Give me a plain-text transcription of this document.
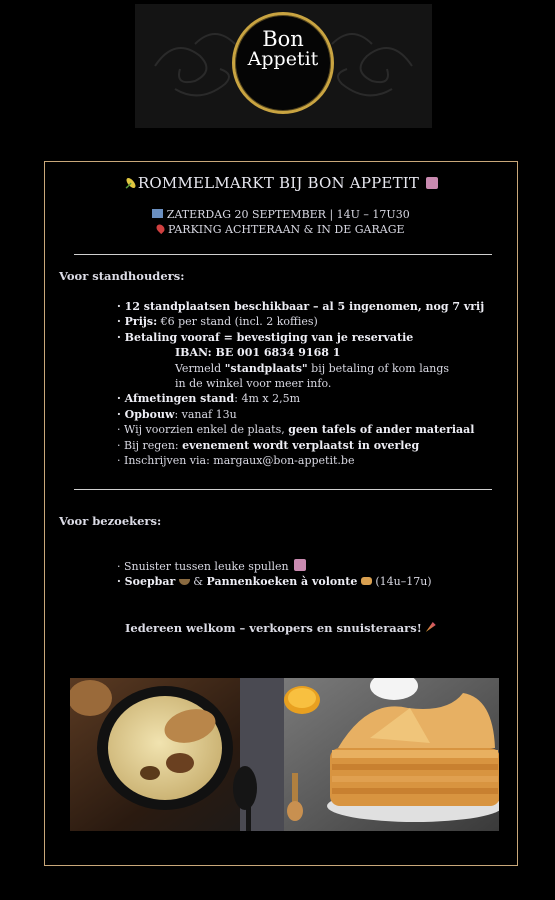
Bon
Appetit
ROMMELMARKT BIJ BON APPETIT
ZATERDAG 20 SEPTEMBER | 14U – 17U30
PARKING ACHTERAAN & IN DE GARAGE
Voor standhouders:
· 12 standplaatsen beschikbaar – al 5 ingenomen, nog 7 vrij
· Prijs: €6 per stand (incl. 2 koffies)
· Betaling vooraf = bevestiging van je reservatie
IBAN: BE 001 6834 9168 1
Vermeld "standplaats" bij betaling of kom langs
in de winkel voor meer info.
· Afmetingen stand: 4m x 2,5m
· Opbouw: vanaf 13u
· Wij voorzien enkel de plaats, geen tafels of ander materiaal
· Bij regen: evenement wordt verplaatst in overleg
· Inschrijven via: margaux@bon-appetit.be
Voor bezoekers:
· Snuister tussen leuke spullen
· Soepbar  & Pannenkoeken à volonte  (14u–17u)
Iedereen welkom – verkopers en snuisteraars!
